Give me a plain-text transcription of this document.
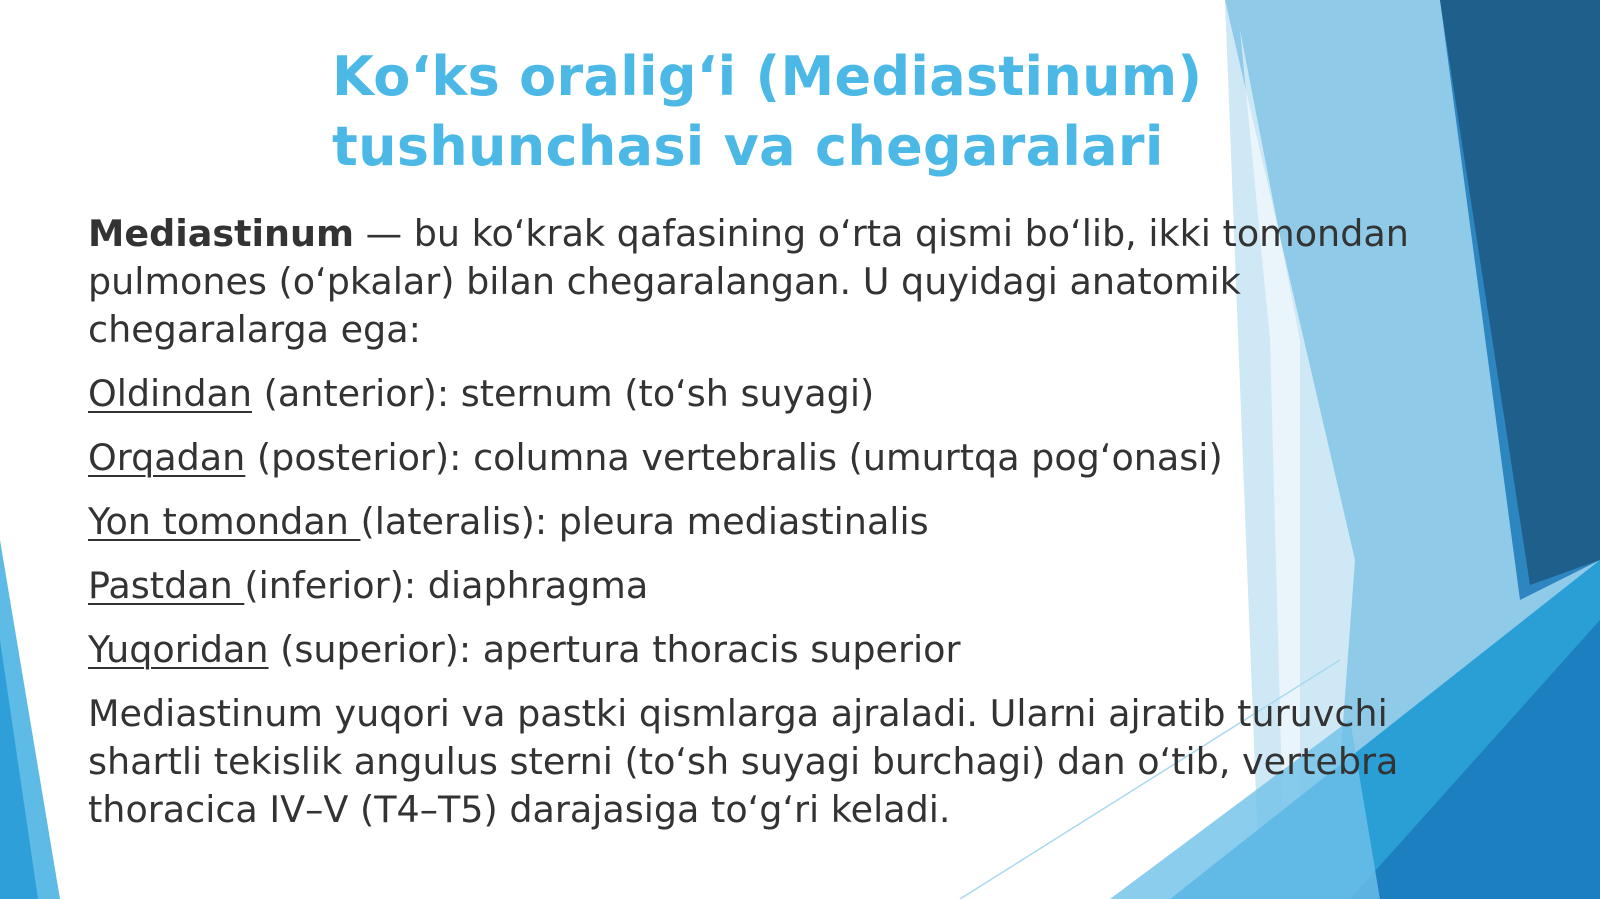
Ko‘ks oralig‘i (Mediastinum)
tushunchasi va chegaralari

Mediastinum — bu ko‘krak qafasining o‘rta qismi bo‘lib, ikki tomondan pulmones (o‘pkalar) bilan chegaralangan. U quyidagi anatomik chegaralarga ega:

Oldindan (anterior): sternum (to‘sh suyagi)

Orqadan (posterior): columna vertebralis (umurtqa pog‘onasi)

Yon tomondan (lateralis): pleura mediastinalis

Pastdan (inferior): diaphragma

Yuqoridan (superior): apertura thoracis superior

Mediastinum yuqori va pastki qismlarga ajraladi. Ularni ajratib turuvchi shartli tekislik angulus sterni (to‘sh suyagi burchagi) dan o‘tib, vertebra thoracica IV–V (T4–T5) darajasiga to‘g‘ri keladi.
